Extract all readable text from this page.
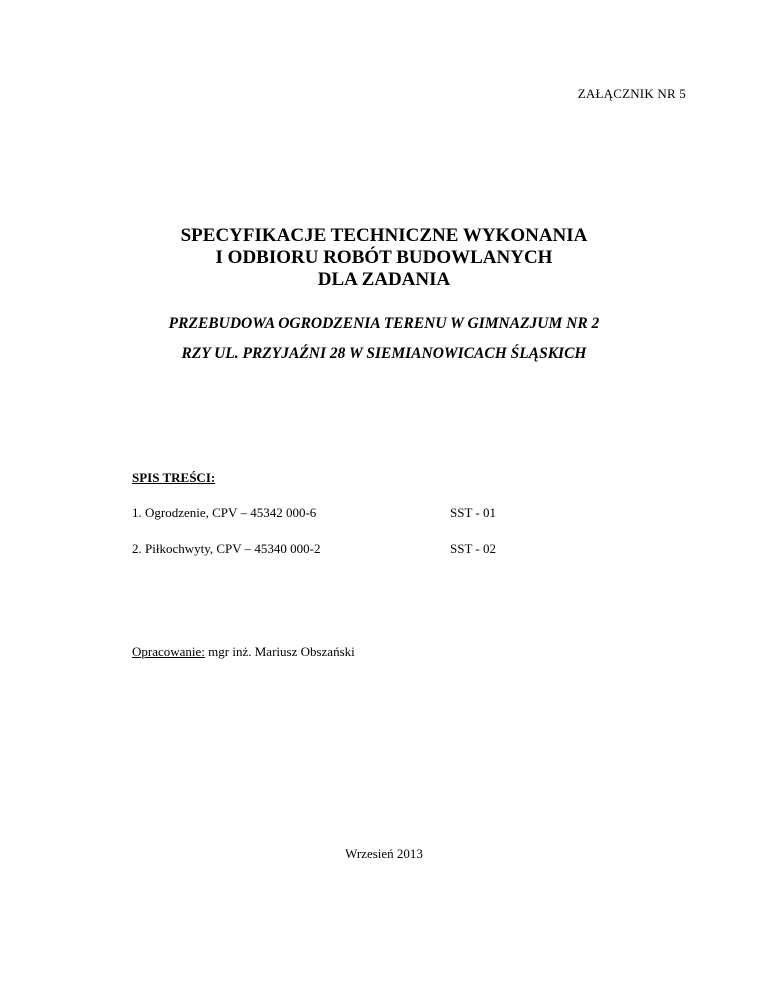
ZAŁĄCZNIK NR 5
SPECYFIKACJE TECHNICZNE WYKONANIA
I ODBIORU ROBÓT BUDOWLANYCH
DLA ZADANIA
PRZEBUDOWA OGRODZENIA TERENU W GIMNAZJUM NR 2
RZY UL. PRZYJAŹNI 28 W SIEMIANOWICACH ŚLĄSKICH
SPIS TREŚCI:
1. Ogrodzenie, CPV – 45342 000-6	SST - 01
2. Piłkochwyty, CPV – 45340 000-2	SST - 02
Opracowanie: mgr inż. Mariusz Obszański
Wrzesień 2013
